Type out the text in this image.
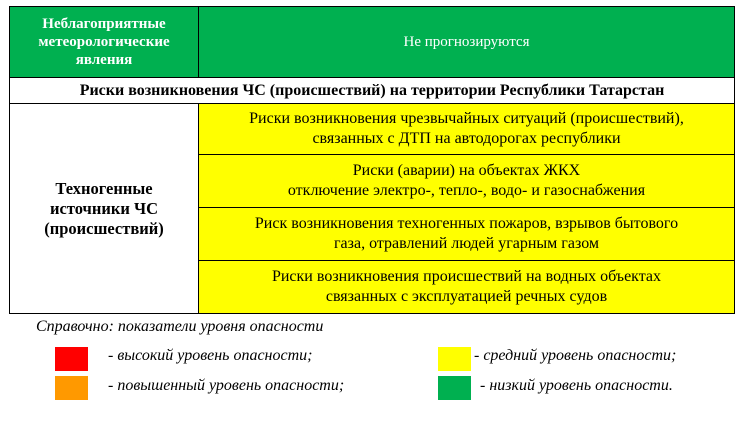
Неблагоприятные метеорологические явления	Не прогнозируются
Риски возникновения ЧС (происшествий) на территории Республики Татарстан	
Техногенные источники ЧС (происшествий)	Риски возникновения чрезвычайных ситуаций (происшествий),
связанных с ДТП на автодорогах республики

	Риски (аварии) на объектах ЖКХ
отключение электро-, тепло-, водо- и газоснабжения

	Риск возникновения техногенных пожаров, взрывов бытового
газа, отравлений людей угарным газом

	Риски возникновения происшествий на водных объектах
связанных с эксплуатацией речных судов
Справочно: показатели уровня опасности
- высокий уровень опасности;
- повышенный уровень опасности;
- средний уровень опасности;
- низкий уровень опасности.
